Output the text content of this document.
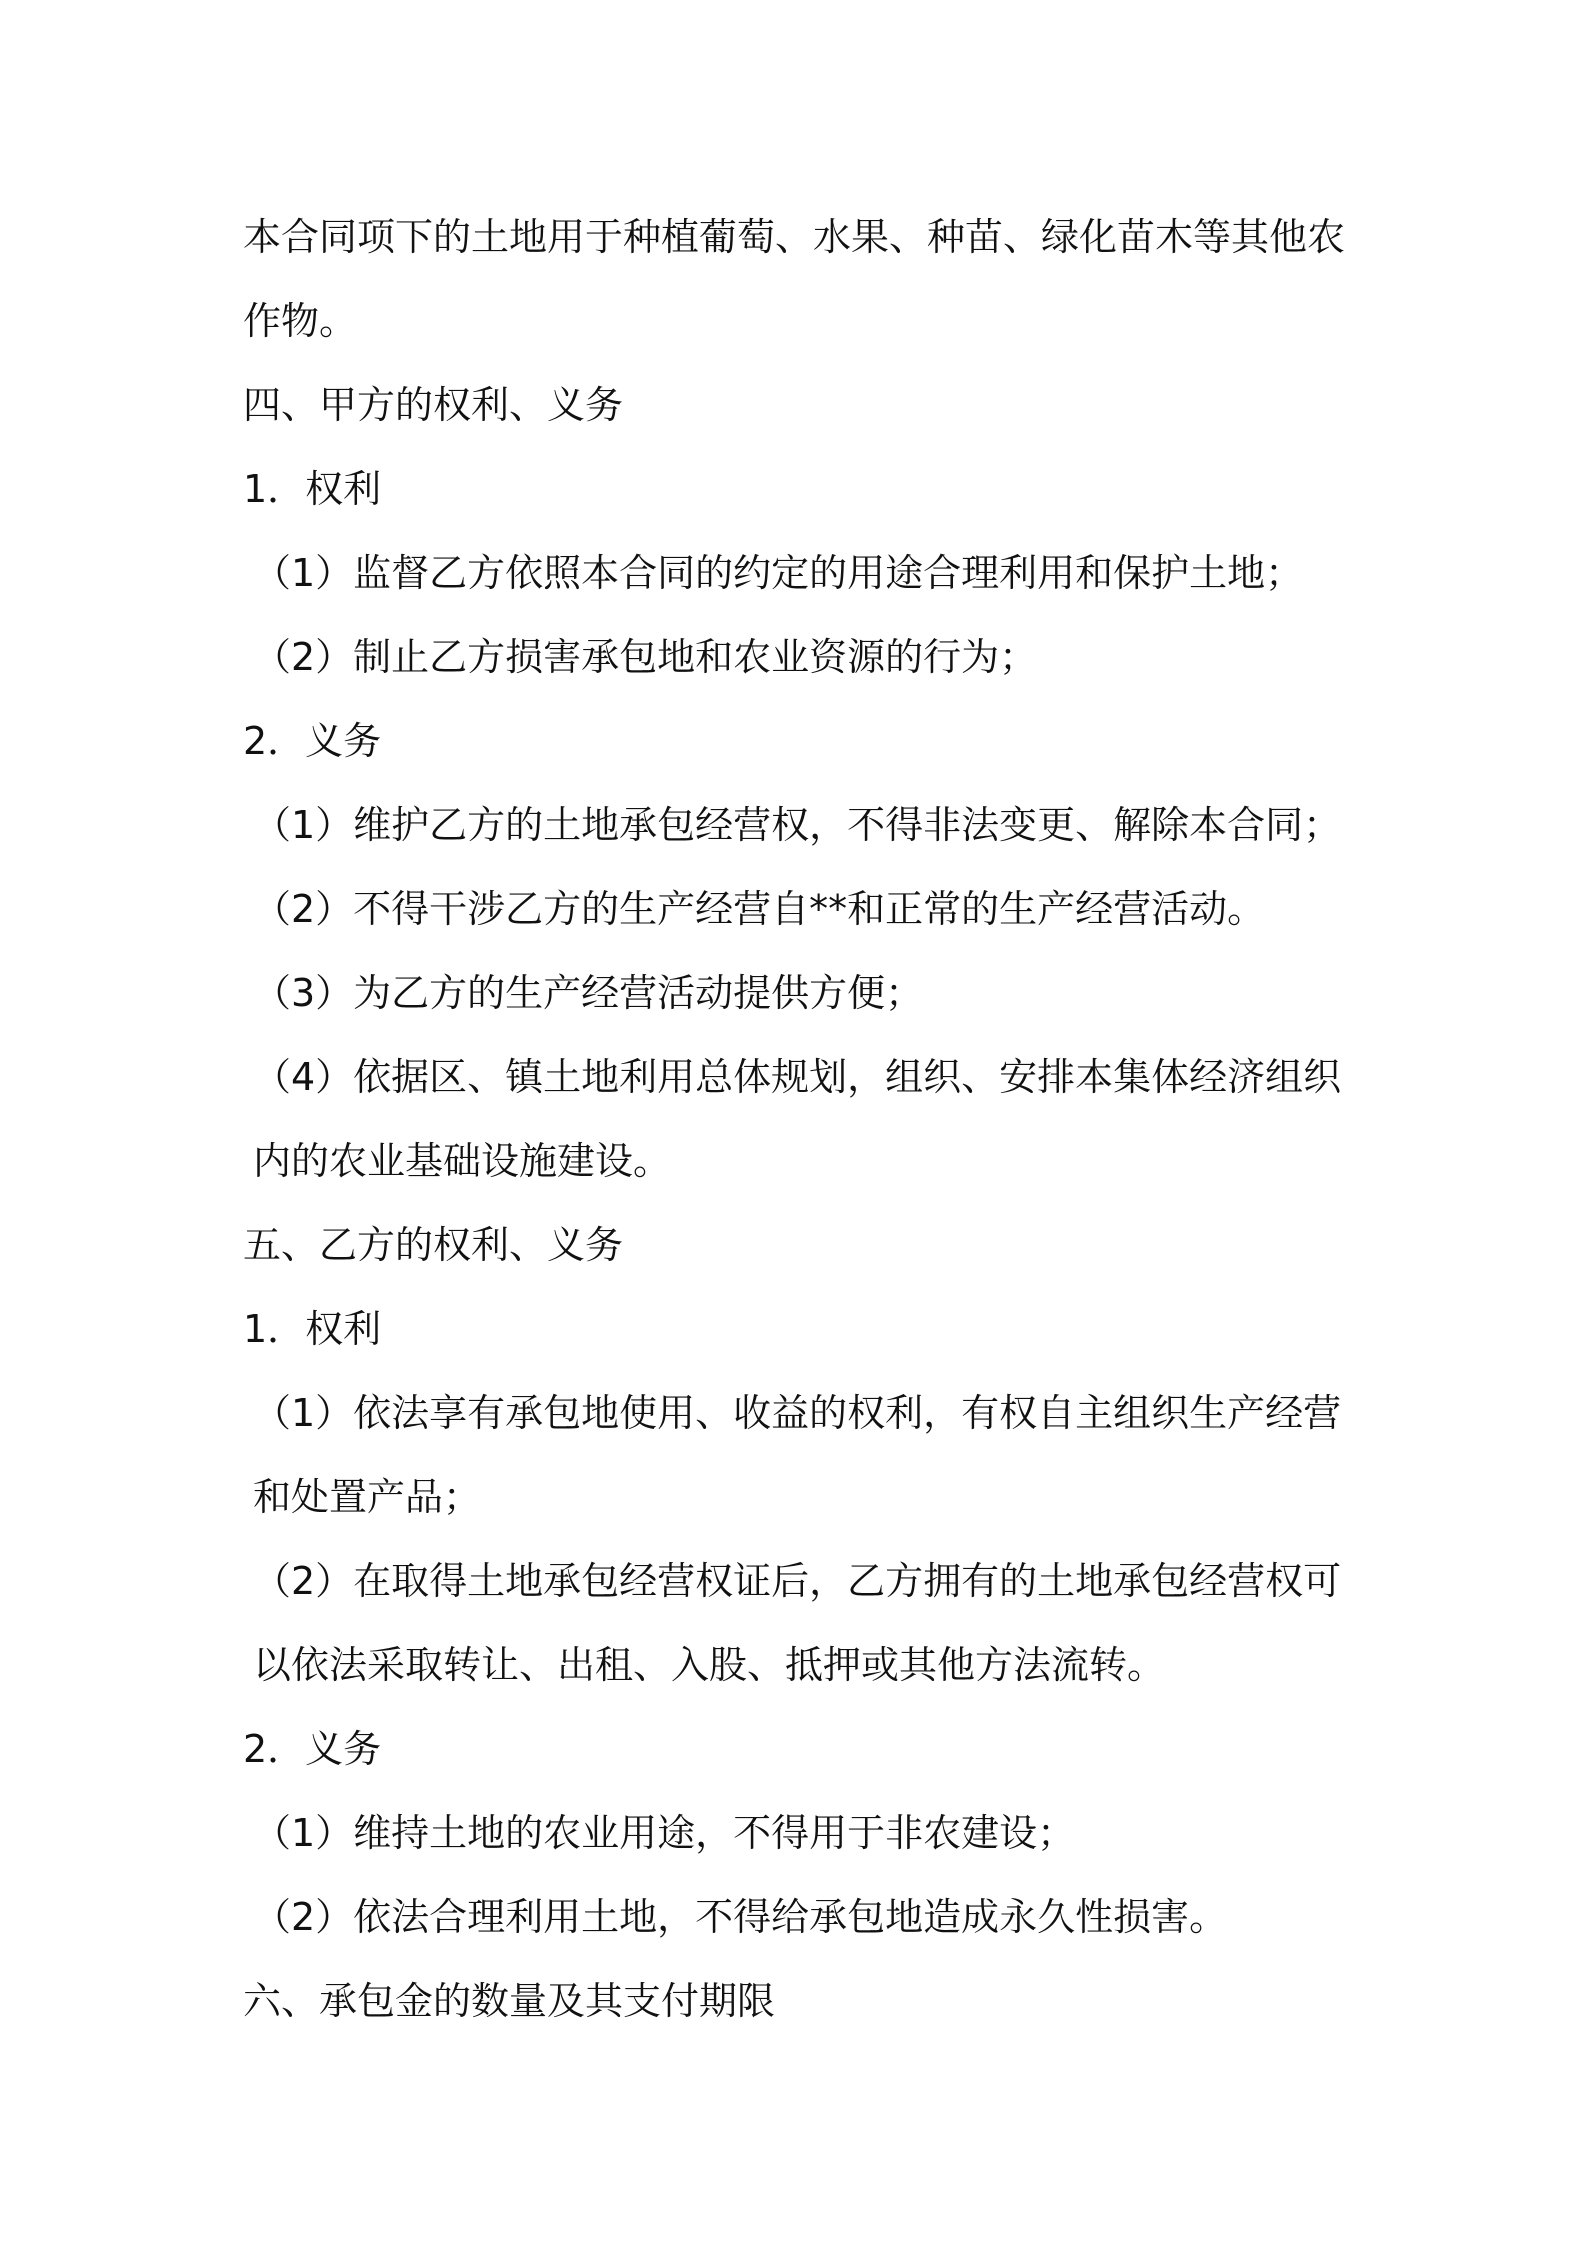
本合同项下的土地用于种植葡萄、水果、种苗、绿化苗木等其他农作物。

四、甲方的权利、义务

1．权利

（1）监督乙方依照本合同的约定的用途合理利用和保护土地；

（2）制止乙方损害承包地和农业资源的行为；

2．义务

（1）维护乙方的土地承包经营权，不得非法变更、解除本合同；

（2）不得干涉乙方的生产经营自**和正常的生产经营活动。

（3）为乙方的生产经营活动提供方便；

（4）依据区、镇土地利用总体规划，组织、安排本集体经济组织内的农业基础设施建设。

五、乙方的权利、义务

1．权利

（1）依法享有承包地使用、收益的权利，有权自主组织生产经营和处置产品；

（2）在取得土地承包经营权证后，乙方拥有的土地承包经营权可以依法采取转让、出租、入股、抵押或其他方法流转。

2．义务

（1）维持土地的农业用途，不得用于非农建设；

（2）依法合理利用土地，不得给承包地造成永久性损害。

六、承包金的数量及其支付期限
